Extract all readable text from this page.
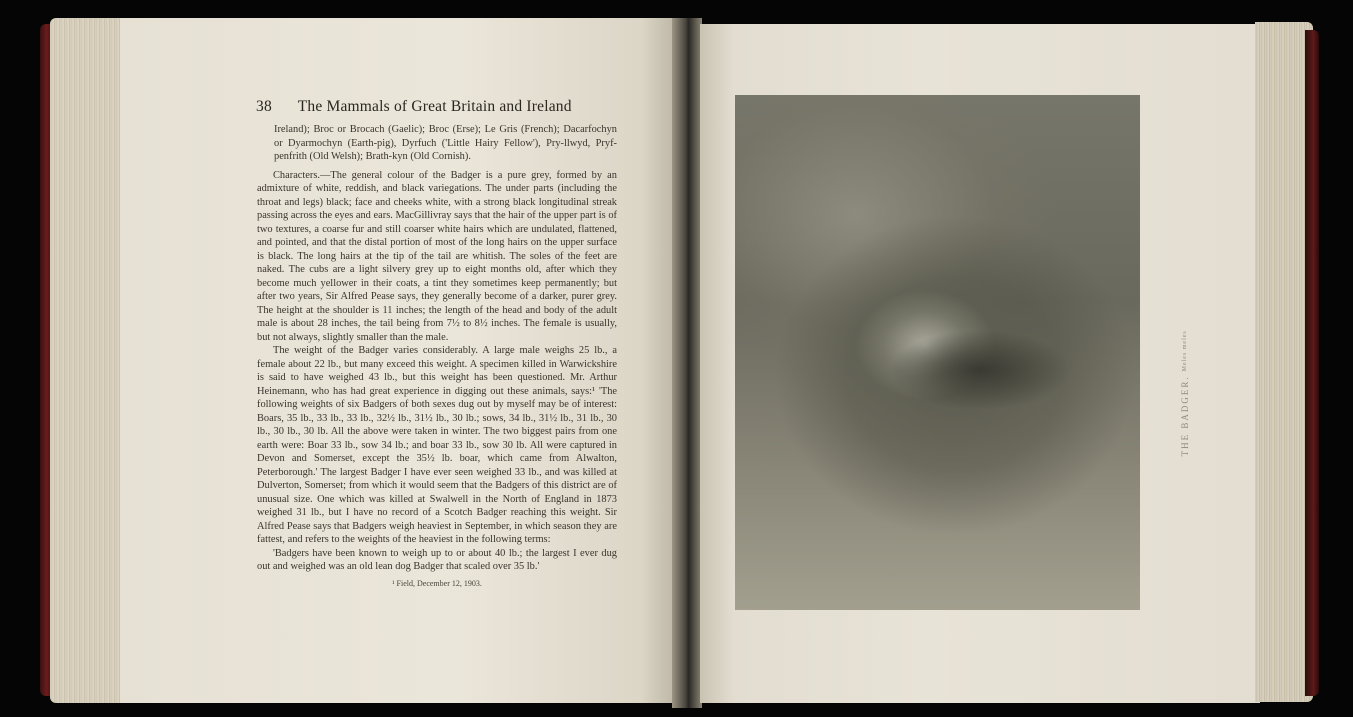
38 The Mammals of Great Britain and Ireland

Ireland); Broc or Brocach (Gaelic); Broc (Erse); Le Gris (French); Dacarfochyn or Dyarmochyn (Earth-pig), Dyrfuch ('Little Hairy Fellow'), Pry-llwyd, Pryf-penfrith (Old Welsh); Brath-kyn (Old Cornish).

Characters.—The general colour of the Badger is a pure grey, formed by an admixture of white, reddish, and black variegations. The under parts (including the throat and legs) black; face and cheeks white, with a strong black longitudinal streak passing across the eyes and ears. MacGillivray says that the hair of the upper part is of two textures, a coarse fur and still coarser white hairs which are undulated, flattened, and pointed, and that the distal portion of most of the long hairs on the upper surface is black. The long hairs at the tip of the tail are whitish. The soles of the feet are naked. The cubs are a light silvery grey up to eight months old, after which they become much yellower in their coats, a tint they sometimes keep permanently; but after two years, Sir Alfred Pease says, they generally become of a darker, purer grey. The height at the shoulder is 11 inches; the length of the head and body of the adult male is about 28 inches, the tail being from 7½ to 8½ inches. The female is usually, but not always, slightly smaller than the male.

The weight of the Badger varies considerably. A large male weighs 25 lb., a female about 22 lb., but many exceed this weight. A specimen killed in Warwickshire is said to have weighed 43 lb., but this weight has been questioned. Mr. Arthur Heinemann, who has had great experience in digging out these animals, says:¹ 'The following weights of six Badgers of both sexes dug out by myself may be of interest: Boars, 35 lb., 33 lb., 33 lb., 32½ lb., 31½ lb., 30 lb.; sows, 34 lb., 31½ lb., 31 lb., 30 lb., 30 lb., 30 lb. All the above were taken in winter. The two biggest pairs from one earth were: Boar 33 lb., sow 34 lb.; and boar 33 lb., sow 30 lb. All were captured in Devon and Somerset, except the 35½ lb. boar, which came from Alwalton, Peterborough.' The largest Badger I have ever seen weighed 33 lb., and was killed at Dulverton, Somerset; from which it would seem that the Badgers of this district are of unusual size. One which was killed at Swalwell in the North of England in 1873 weighed 31 lb., but I have no record of a Scotch Badger reaching this weight. Sir Alfred Pease says that Badgers weigh heaviest in September, in which season they are fattest, and refers to the weights of the heaviest in the following terms:

'Badgers have been known to weigh up to or about 40 lb.; the largest I ever dug out and weighed was an old lean dog Badger that scaled over 35 lb.'

¹ Field, December 12, 1903.

THE BADGER. Meles meles
